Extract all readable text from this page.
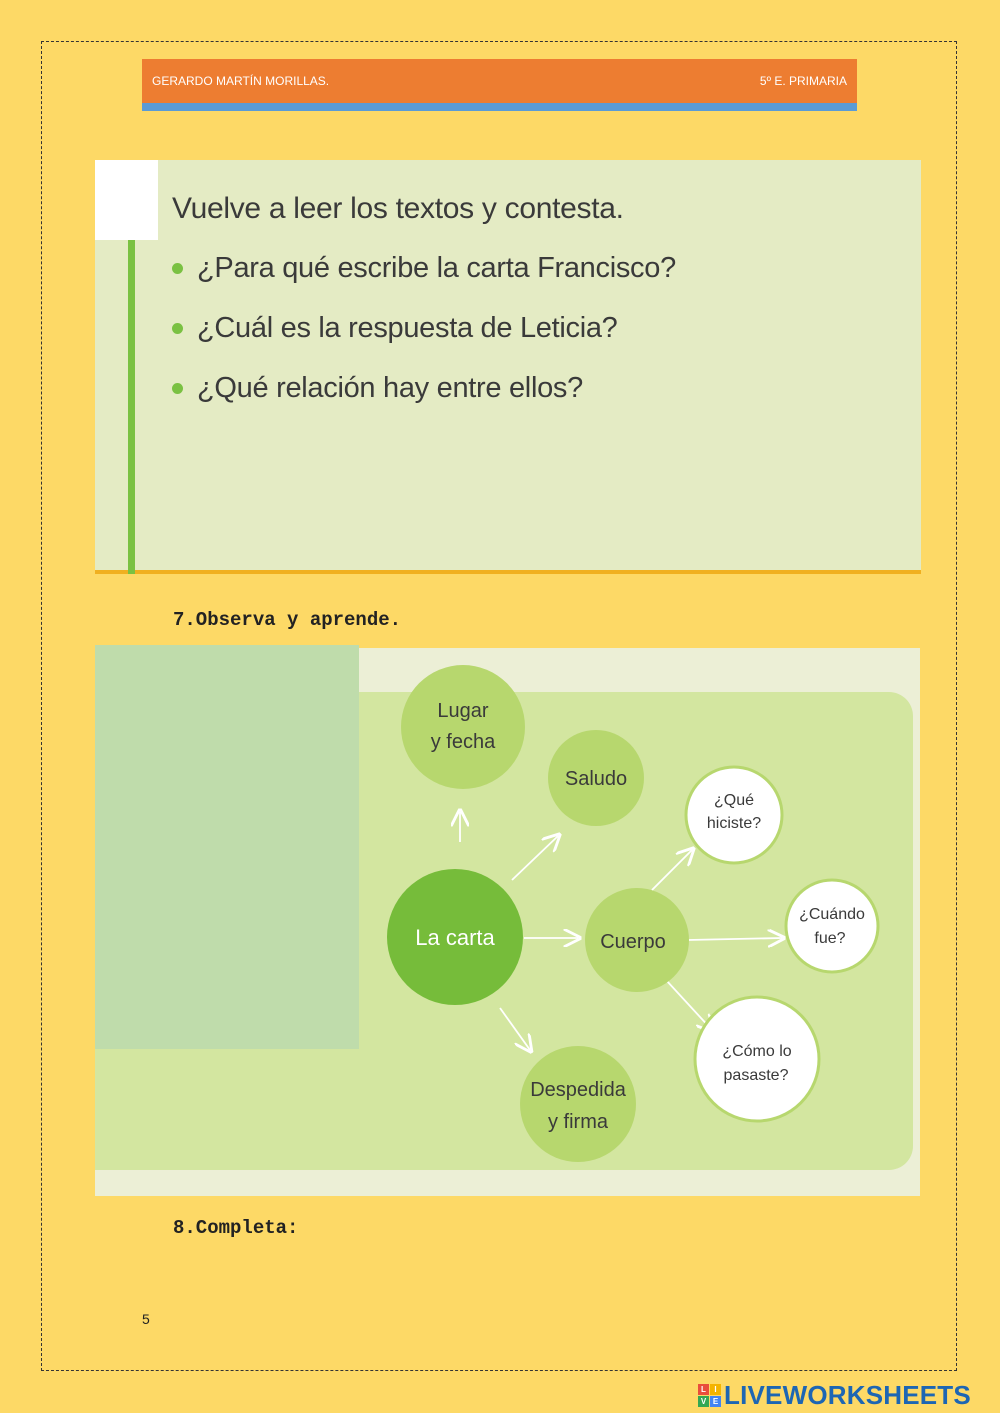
GERARDO MARTÍN MORILLAS.	5º E. PRIMARIA
Vuelve a leer los textos y contesta.
¿Para qué escribe la carta Francisco?
¿Cuál es la respuesta de Leticia?
¿Qué relación hay entre ellos?
7.Observa y aprende.
Lugar
y fecha
Saludo
La carta	Cuerpo
Despedida
y firma
¿Qué
hiciste?
¿Cuándo
fue?
¿Cómo lo
pasaste?
8.Completa:
5
L	I
V E LIVEWORKSHEETS
